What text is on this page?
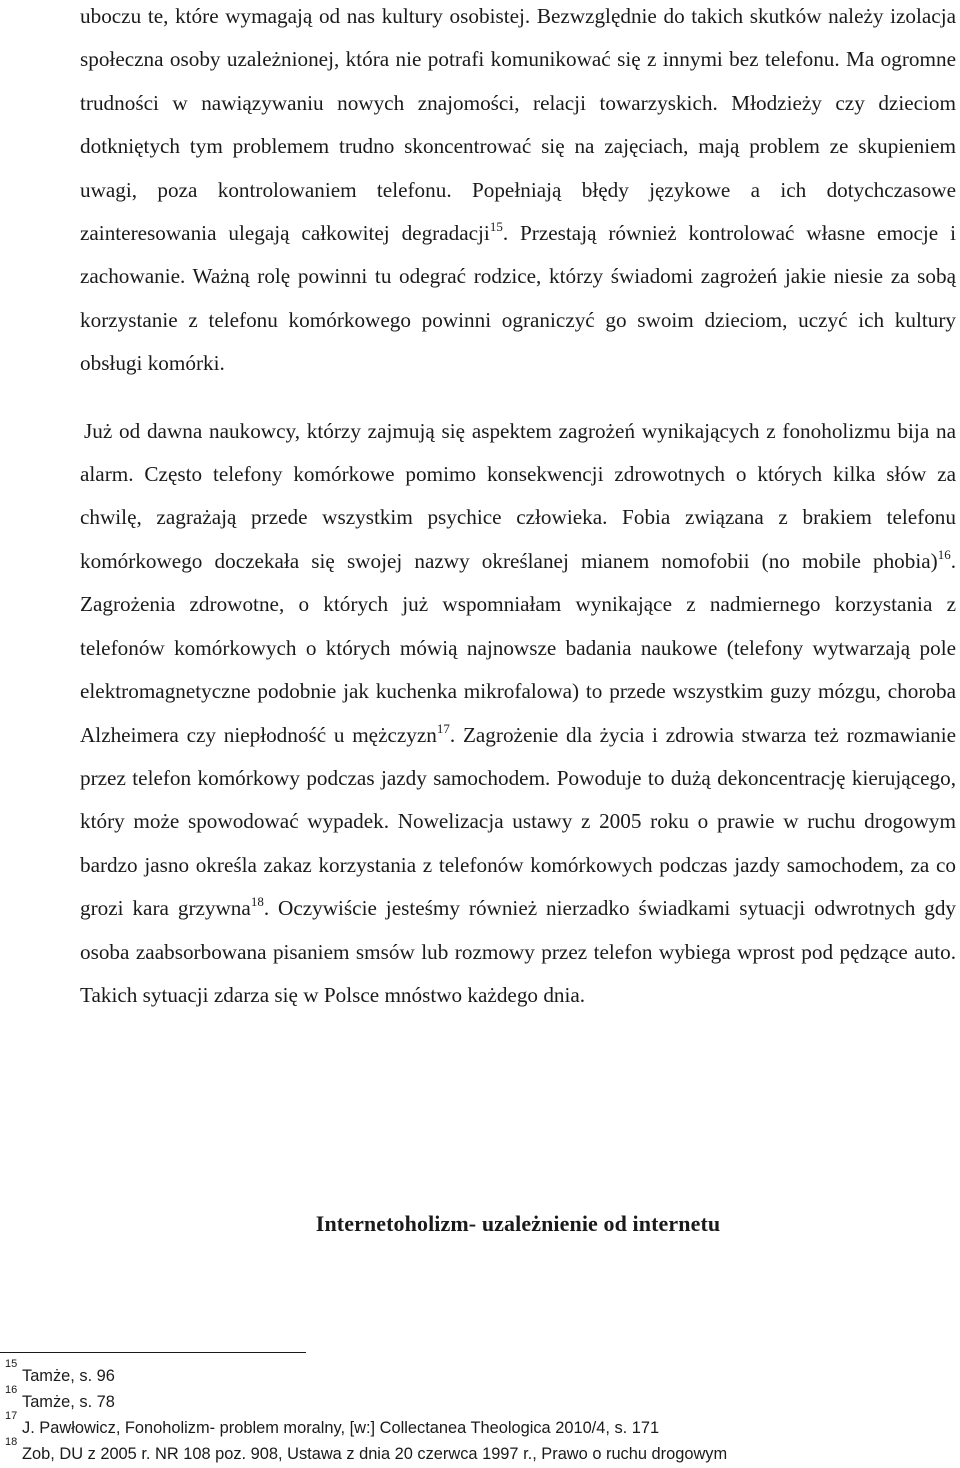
uboczu te, które wymagają od nas kultury osobistej. Bezwzględnie do takich skutków należy izolacja społeczna osoby uzależnionej, która nie potrafi komunikować się z innymi bez telefonu. Ma ogromne trudności w nawiązywaniu nowych znajomości, relacji towarzyskich. Młodzieży czy dzieciom dotkniętych tym problemem trudno skoncentrować się na zajęciach, mają problem ze skupieniem uwagi, poza kontrolowaniem telefonu. Popełniają błędy językowe a ich dotychczasowe zainteresowania ulegają całkowitej degradacji$^{15}$. Przestają również kontrolować własne emocje i zachowanie. Ważną rolę powinni tu odegrać rodzice, którzy świadomi zagrożeń jakie niesie za sobą korzystanie z telefonu komórkowego powinni ograniczyć go swoim dzieciom, uczyć ich kultury obsługi komórki.

Już od dawna naukowcy, którzy zajmują się aspektem zagrożeń wynikających z fonoholizmu bija na alarm. Często telefony komórkowe pomimo konsekwencji zdrowotnych o których kilka słów za chwilę, zagrażają przede wszystkim psychice człowieka. Fobia związana z brakiem telefonu komórkowego doczekała się swojej nazwy określanej mianem nomofobii (no mobile phobia)$^{16}$. Zagrożenia zdrowotne, o których już wspomniałam wynikające z nadmiernego korzystania z telefonów komórkowych o których mówią najnowsze badania naukowe (telefony wytwarzają pole elektromagnetyczne podobnie jak kuchenka mikrofalowa) to przede wszystkim guzy mózgu, choroba Alzheimera czy niepłodność u mężczyzn$^{17}$. Zagrożenie dla życia i zdrowia stwarza też rozmawianie przez telefon komórkowy podczas jazdy samochodem. Powoduje to dużą dekoncentrację kierującego, który może spowodować wypadek. Nowelizacja ustawy z 2005 roku o prawie w ruchu drogowym bardzo jasno określa zakaz korzystania z telefonów komórkowych podczas jazdy samochodem, za co grozi kara grzywna$^{18}$. Oczywiście jesteśmy również nierzadko świadkami sytuacji odwrotnych gdy osoba zaabsorbowana pisaniem smsów lub rozmowy przez telefon wybiega wprost pod pędzące auto. Takich sytuacji zdarza się w Polsce mnóstwo każdego dnia.

Internetoholizm- uzależnienie od internetu
15
Tamże, s. 96
16
Tamże, s. 78
17
J. Pawłowicz, Fonoholizm- problem moralny, [w:] Collectanea Theologica 2010/4, s. 171
18
Zob, DU z 2005 r. NR 108 poz. 908, Ustawa z dnia 20 czerwca 1997 r., Prawo o ruchu drogowym
